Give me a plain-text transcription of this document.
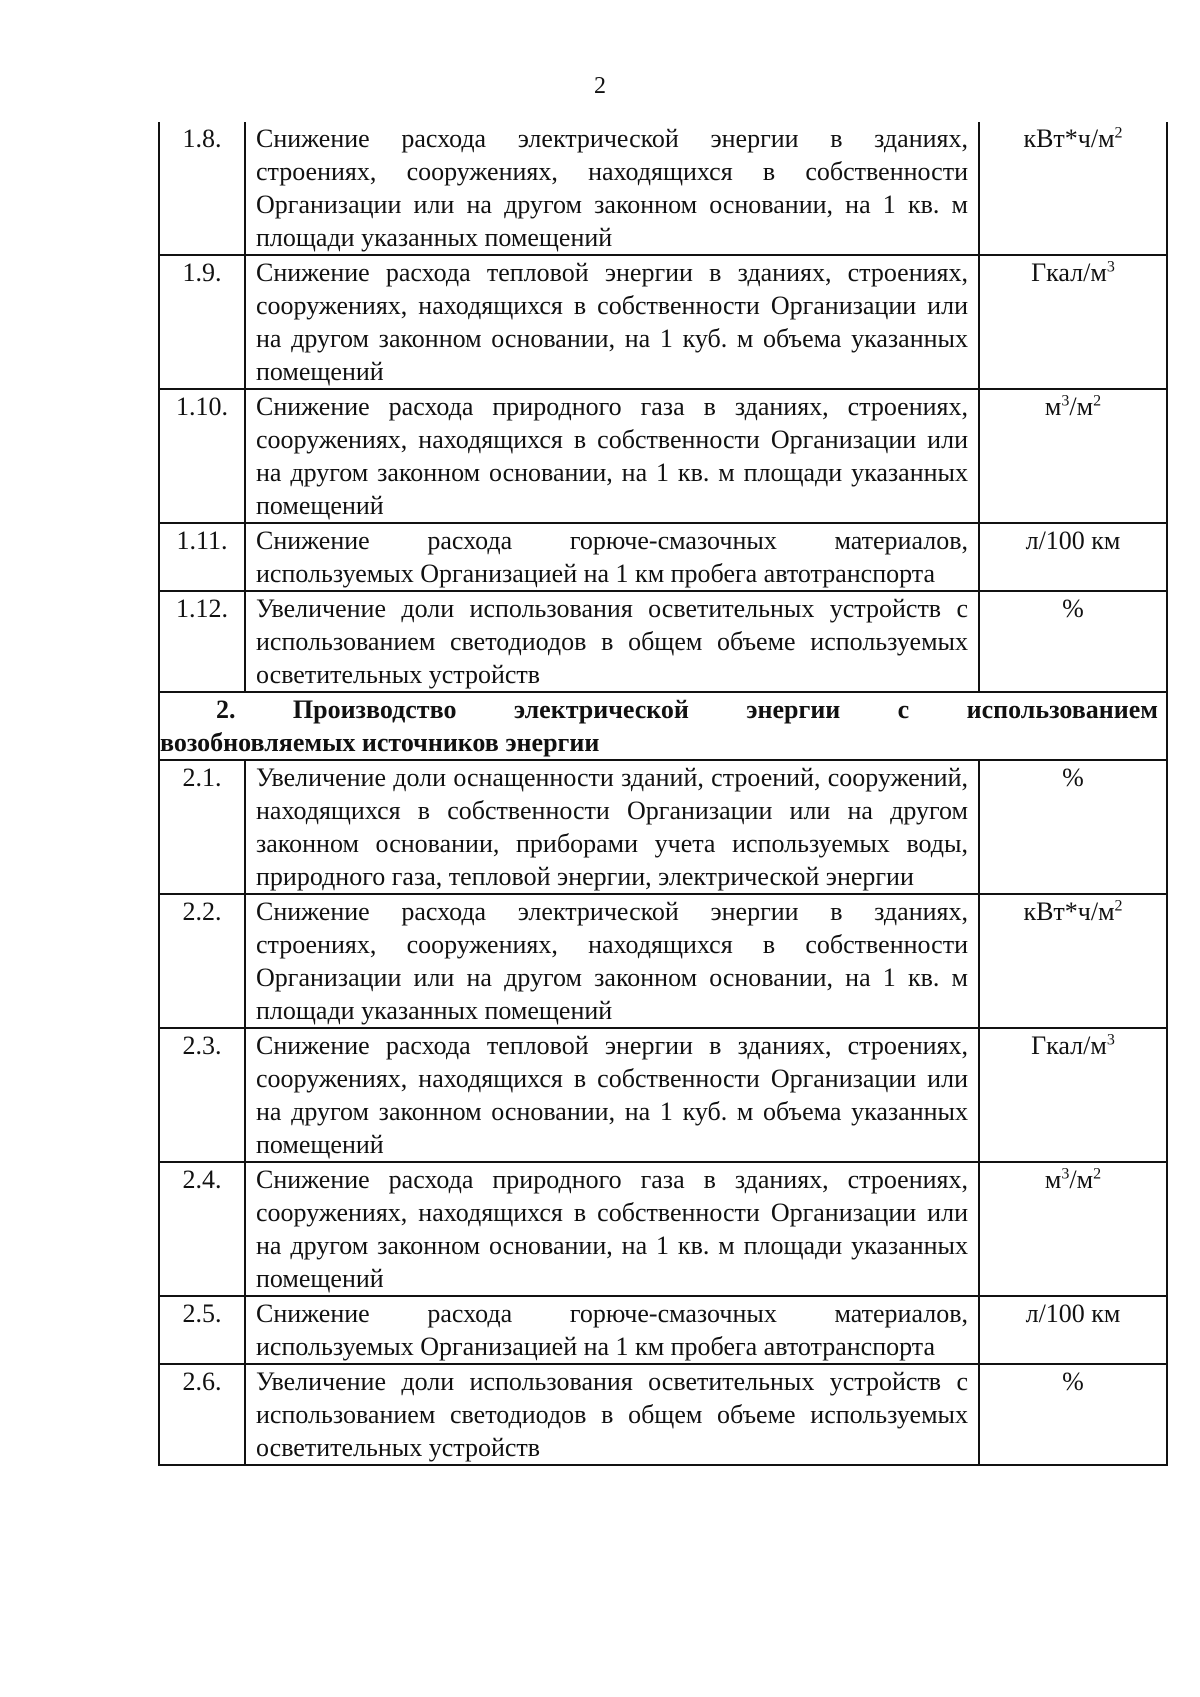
2
1.8.	Снижение расхода электрической энергии в зданиях, строениях, сооружениях, находящихся в собственности Организации или на другом законном основании, на 1 кв. м площади указанных помещений	$кВт*ч/м^2$
1.9.	Снижение расхода тепловой энергии в зданиях, строениях, сооружениях, находящихся в собственности Организации или на другом законном основании, на 1 куб. м объема указанных помещений	Гкал/$м^3$
1.10.	Снижение расхода природного газа в зданиях, строениях, сооружениях, находящихся в собственности Организации или на другом законном основании, на 1 кв. м площади указанных помещений	$м^3/м^2$
1.11.	Снижение расхода горюче-смазочных материалов, используемых Организацией на 1 км пробега автотранспорта	л/100 км
1.12.	Увеличение доли использования осветительных устройств с использованием светодиодов в общем объеме используемых осветительных устройств	%

2. Производство электрической энергии с использованием
возобновляемых источников энергии		

2.1.	Увеличение доли оснащенности зданий, строений, сооружений, находящихся в собственности Организации или на другом законном основании, приборами учета используемых воды, природного газа, тепловой энергии, электрической энергии	%
2.2.	Снижение расхода электрической энергии в зданиях, строениях, сооружениях, находящихся в собственности Организации или на другом законном основании, на 1 кв. м площади указанных помещений	$кВт*ч/м^2$
2.3.	Снижение расхода тепловой энергии в зданиях, строениях, сооружениях, находящихся в собственности Организации или на другом законном основании, на 1 куб. м объема указанных помещений	Гкал/$м^3$
2.4.	Снижение расхода природного газа в зданиях, строениях, сооружениях, находящихся в собственности Организации или на другом законном основании, на 1 кв. м площади указанных помещений	$м^3/м^2$
2.5.	Снижение расхода горюче-смазочных материалов, используемых Организацией на 1 км пробега автотранспорта	л/100 км
2.6.	Увеличение доли использования осветительных устройств с использованием светодиодов в общем объеме используемых осветительных устройств	%
